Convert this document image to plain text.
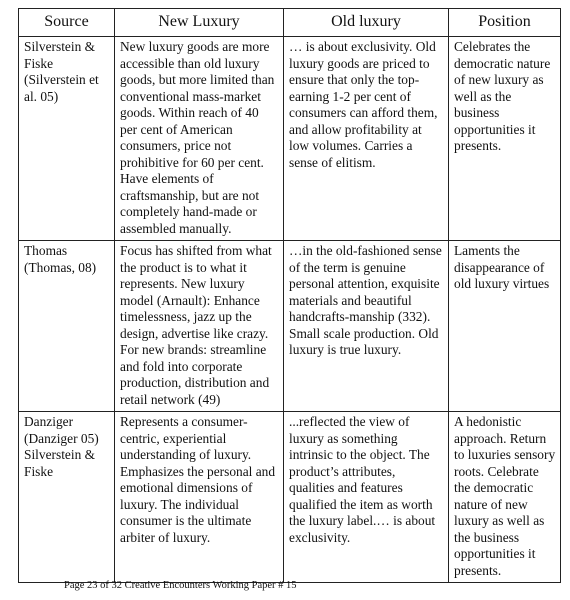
Source	New Luxury	Old luxury	Position
Silverstein & Fiske (Silverstein et al. 05)	New luxury goods are more accessible than old luxury goods, but more limited than conventional mass-market goods. Within reach of 40 per cent of American consumers, price not prohibitive for 60 per cent. Have elements of craftsmanship, but are not completely hand-made or assembled manually.	… is about exclusivity. Old luxury goods are priced to ensure that only the top-earning 1-2 per cent of consumers can afford them, and allow profitability at low volumes. Carries a sense of elitism.	Celebrates the democratic nature of new luxury as well as the business opportunities it presents.
Thomas (Thomas, 08)	Focus has shifted from what the product is to what it represents. New luxury model (Arnault): Enhance timelessness, jazz up the design, advertise like crazy. For new brands: streamline and fold into corporate production, distribution and retail network (49)	…in the old-fashioned sense of the term is genuine personal attention, exquisite materials and beautiful handcrafts-manship (332). Small scale production. Old luxury is true luxury.	Laments the disappearance of old luxury virtues
Danziger (Danziger 05) Silverstein & Fiske	Represents a consumer-centric, experiential understanding of luxury. Emphasizes the personal and emotional dimensions of luxury. The individual consumer is the ultimate arbiter of luxury.	...reflected the view of luxury as something intrinsic to the object. The product’s attributes, qualities and features qualified the item as worth the luxury label.… is about exclusivity.	A hedonistic approach. Return to luxuries sensory roots. Celebrate the democratic nature of new luxury as well as the business opportunities it presents.
Page 23 of 32 Creative Encounters Working Paper # 15
